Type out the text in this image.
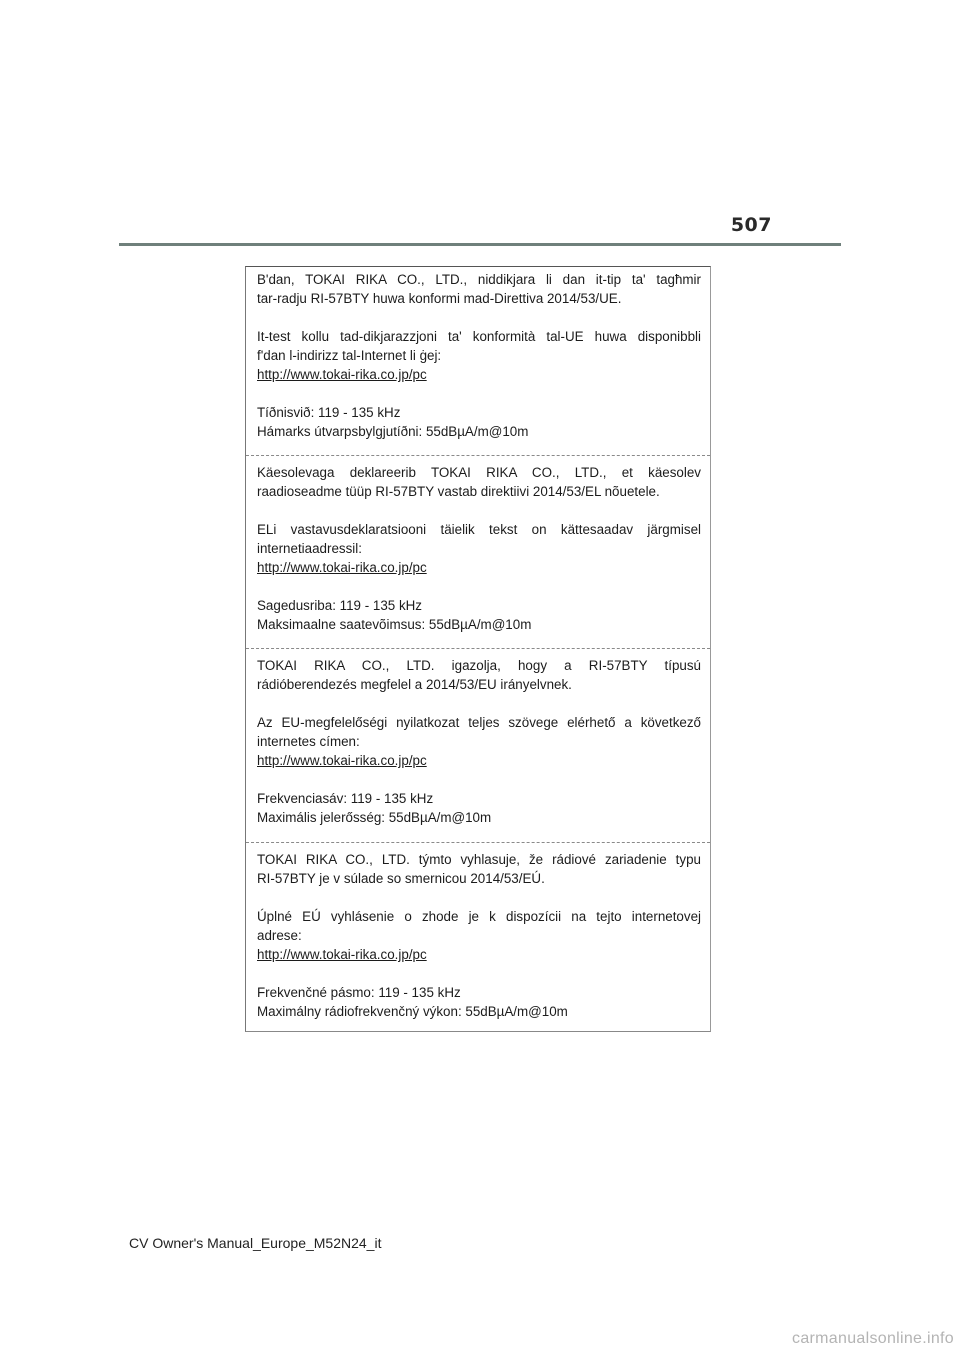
507

B'dan, TOKAI RIKA CO., LTD., niddikjara li dan it-tip ta' tagħmir

tar-radju RI-57BTY huwa konformi mad-Direttiva 2014/53/UE.

It-test kollu tad-dikjarazzjoni ta' konformità tal-UE huwa disponibbli

f'dan l-indirizz tal-Internet li ġej:

http://www.tokai-rika.co.jp/pc

Tíðnisvið: 119 - 135 kHz

Hámarks útvarpsbylgjutíðni: 55dBµA/m@10m

Käesolevaga deklareerib TOKAI RIKA CO., LTD., et käesolev

raadioseadme tüüp RI-57BTY vastab direktiivi 2014/53/EL nõuetele.

ELi vastavusdeklaratsiooni täielik tekst on kättesaadav järgmisel

internetiaadressil:

http://www.tokai-rika.co.jp/pc

Sagedusriba: 119 - 135 kHz

Maksimaalne saatevõimsus: 55dBµA/m@10m

TOKAI RIKA CO., LTD. igazolja, hogy a RI-57BTY típusú

rádióberendezés megfelel a 2014/53/EU irányelvnek.

Az EU-megfelelőségi nyilatkozat teljes szövege elérhető a következő

internetes címen:

http://www.tokai-rika.co.jp/pc

Frekvenciasáv: 119 - 135 kHz

Maximális jelerősség: 55dBµA/m@10m

TOKAI RIKA CO., LTD. týmto vyhlasuje, že rádiové zariadenie typu

RI-57BTY je v súlade so smernicou 2014/53/EÚ.

Úplné EÚ vyhlásenie o zhode je k dispozícii na tejto internetovej

adrese:

http://www.tokai-rika.co.jp/pc

Frekvenčné pásmo: 119 - 135 kHz

Maximálny rádiofrekvenčný výkon: 55dBµA/m@10m

CV Owner's Manual_Europe_M52N24_it
carmanualsonline.info
